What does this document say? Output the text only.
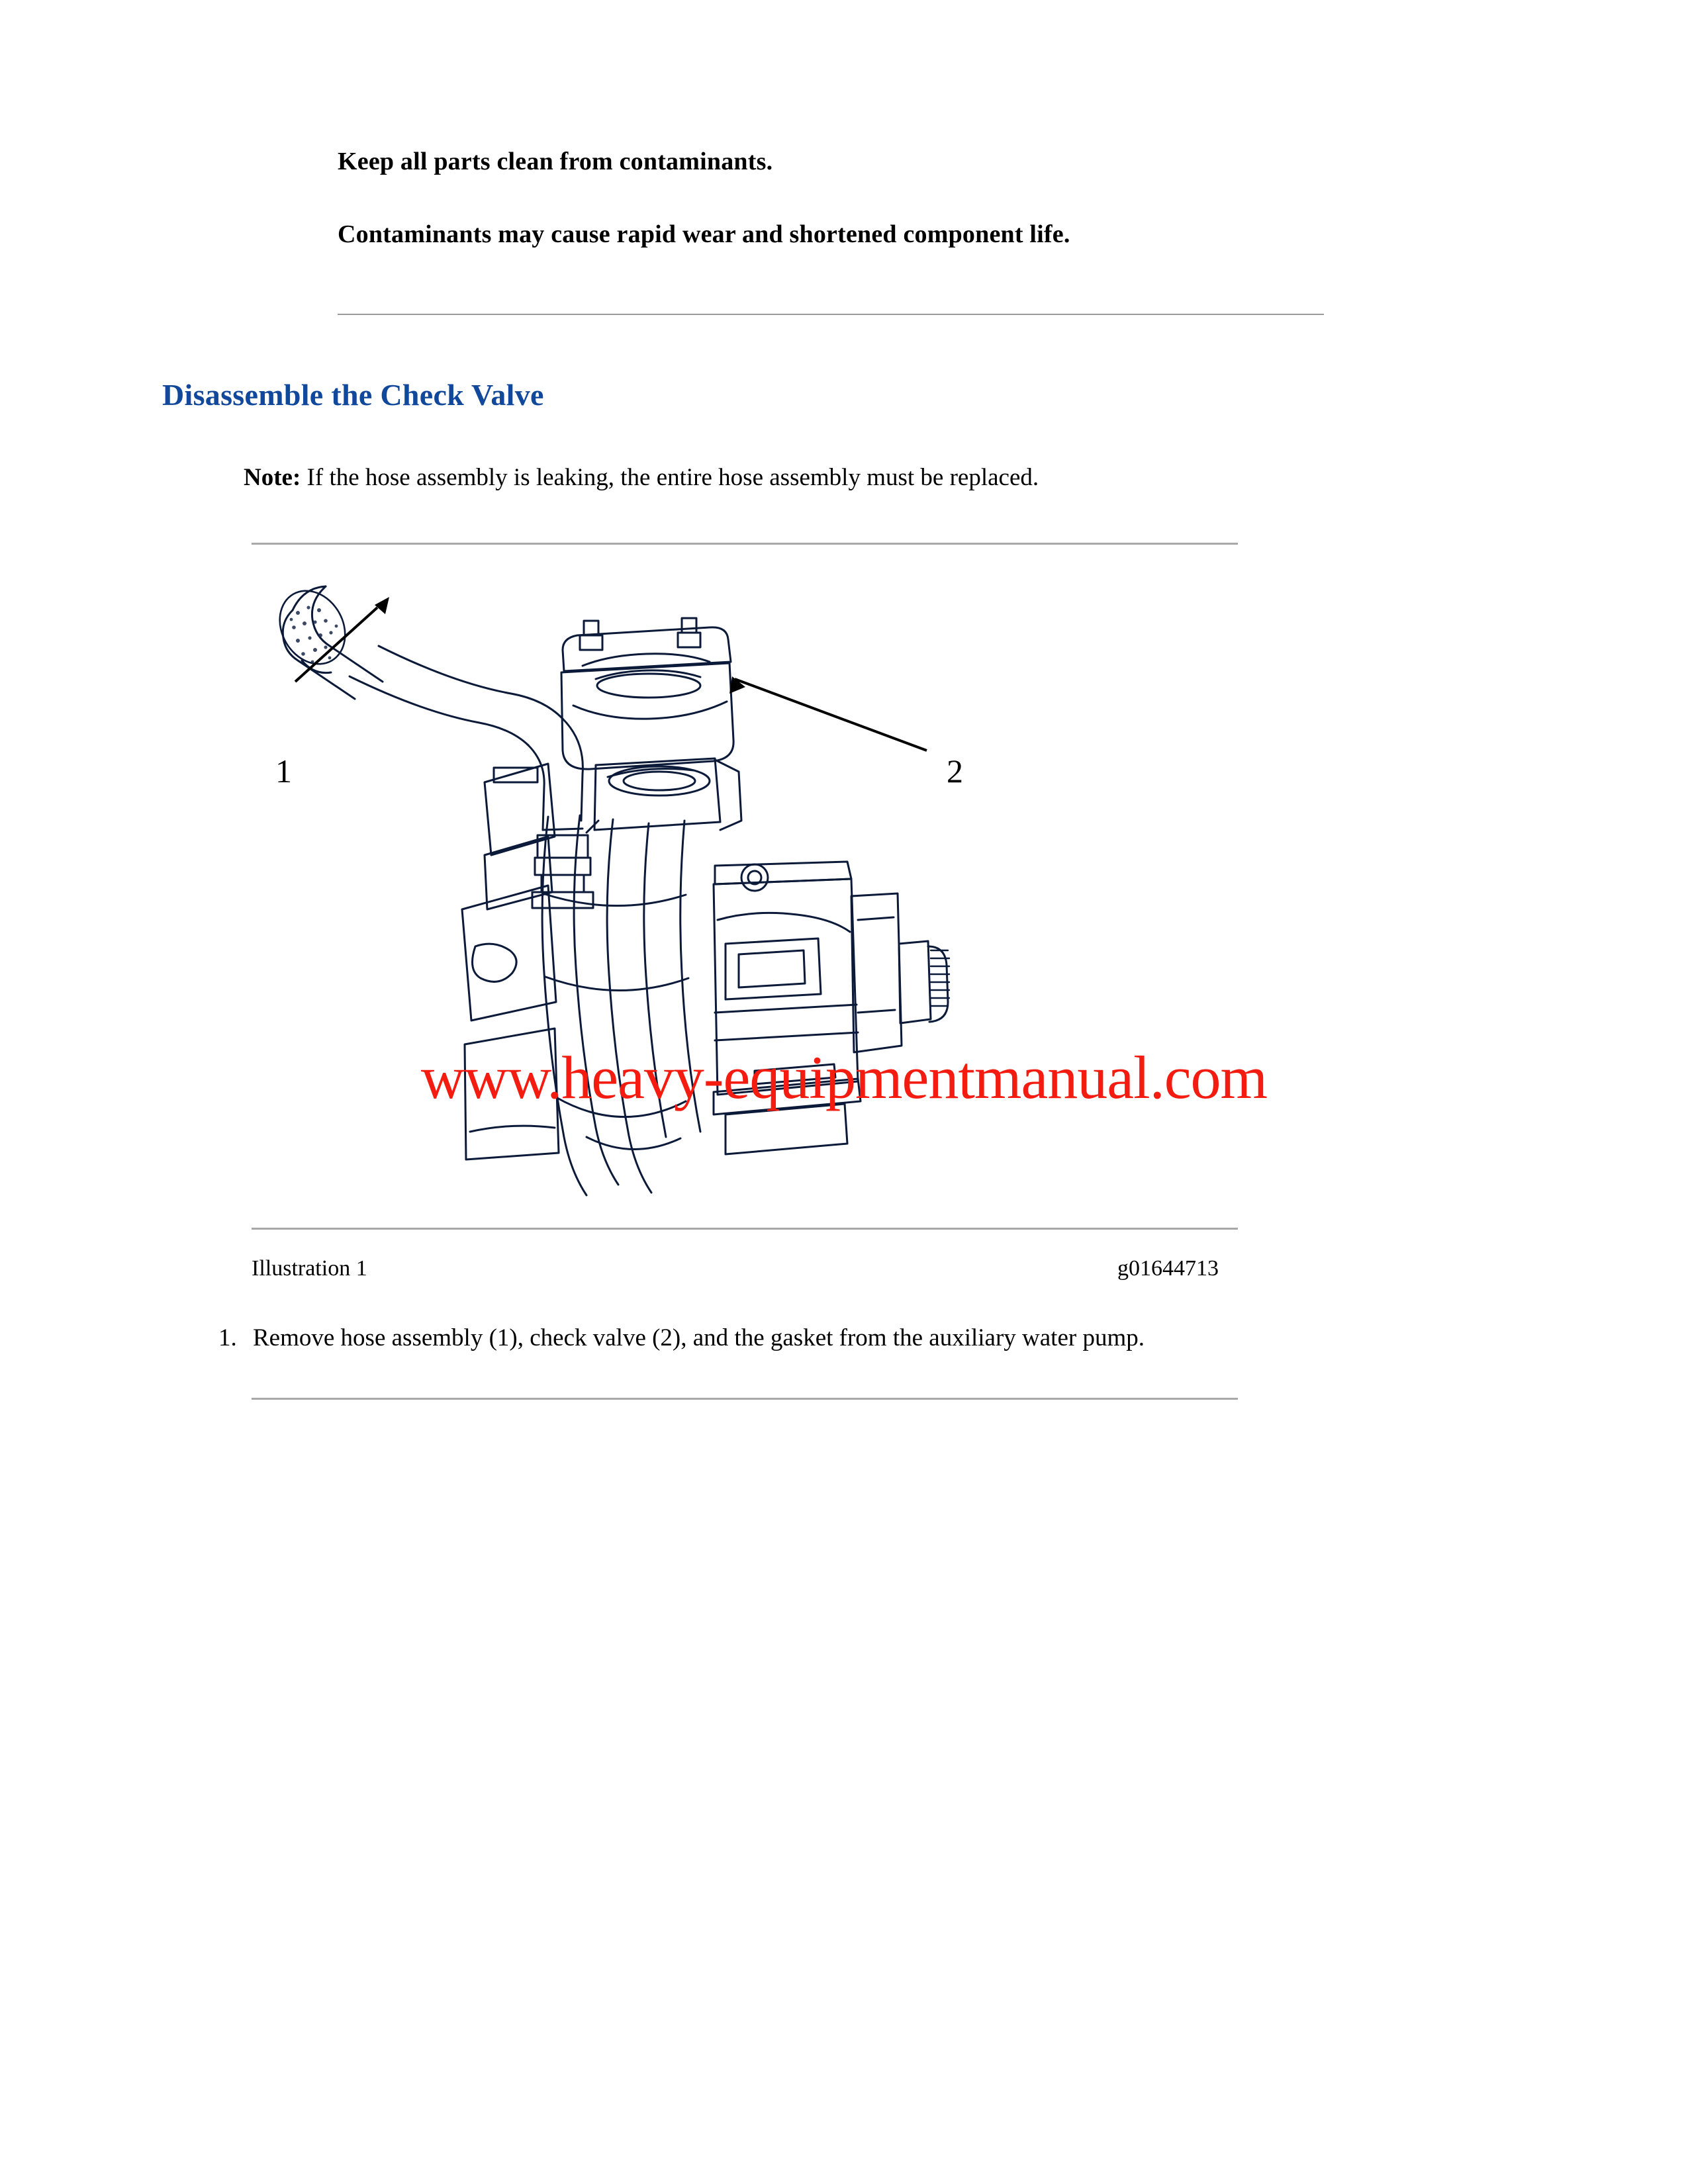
Keep all parts clean from contaminants.
Contaminants may cause rapid wear and shortened component life.
Disassemble the Check Valve
Note: If the hose assembly is leaking, the entire hose assembly must be replaced.
1	2
www.heavy-equipmentmanual.com
Illustration 1	g01644713
1. Remove hose assembly (1), check valve (2), and the gasket from the auxiliary water pump.
